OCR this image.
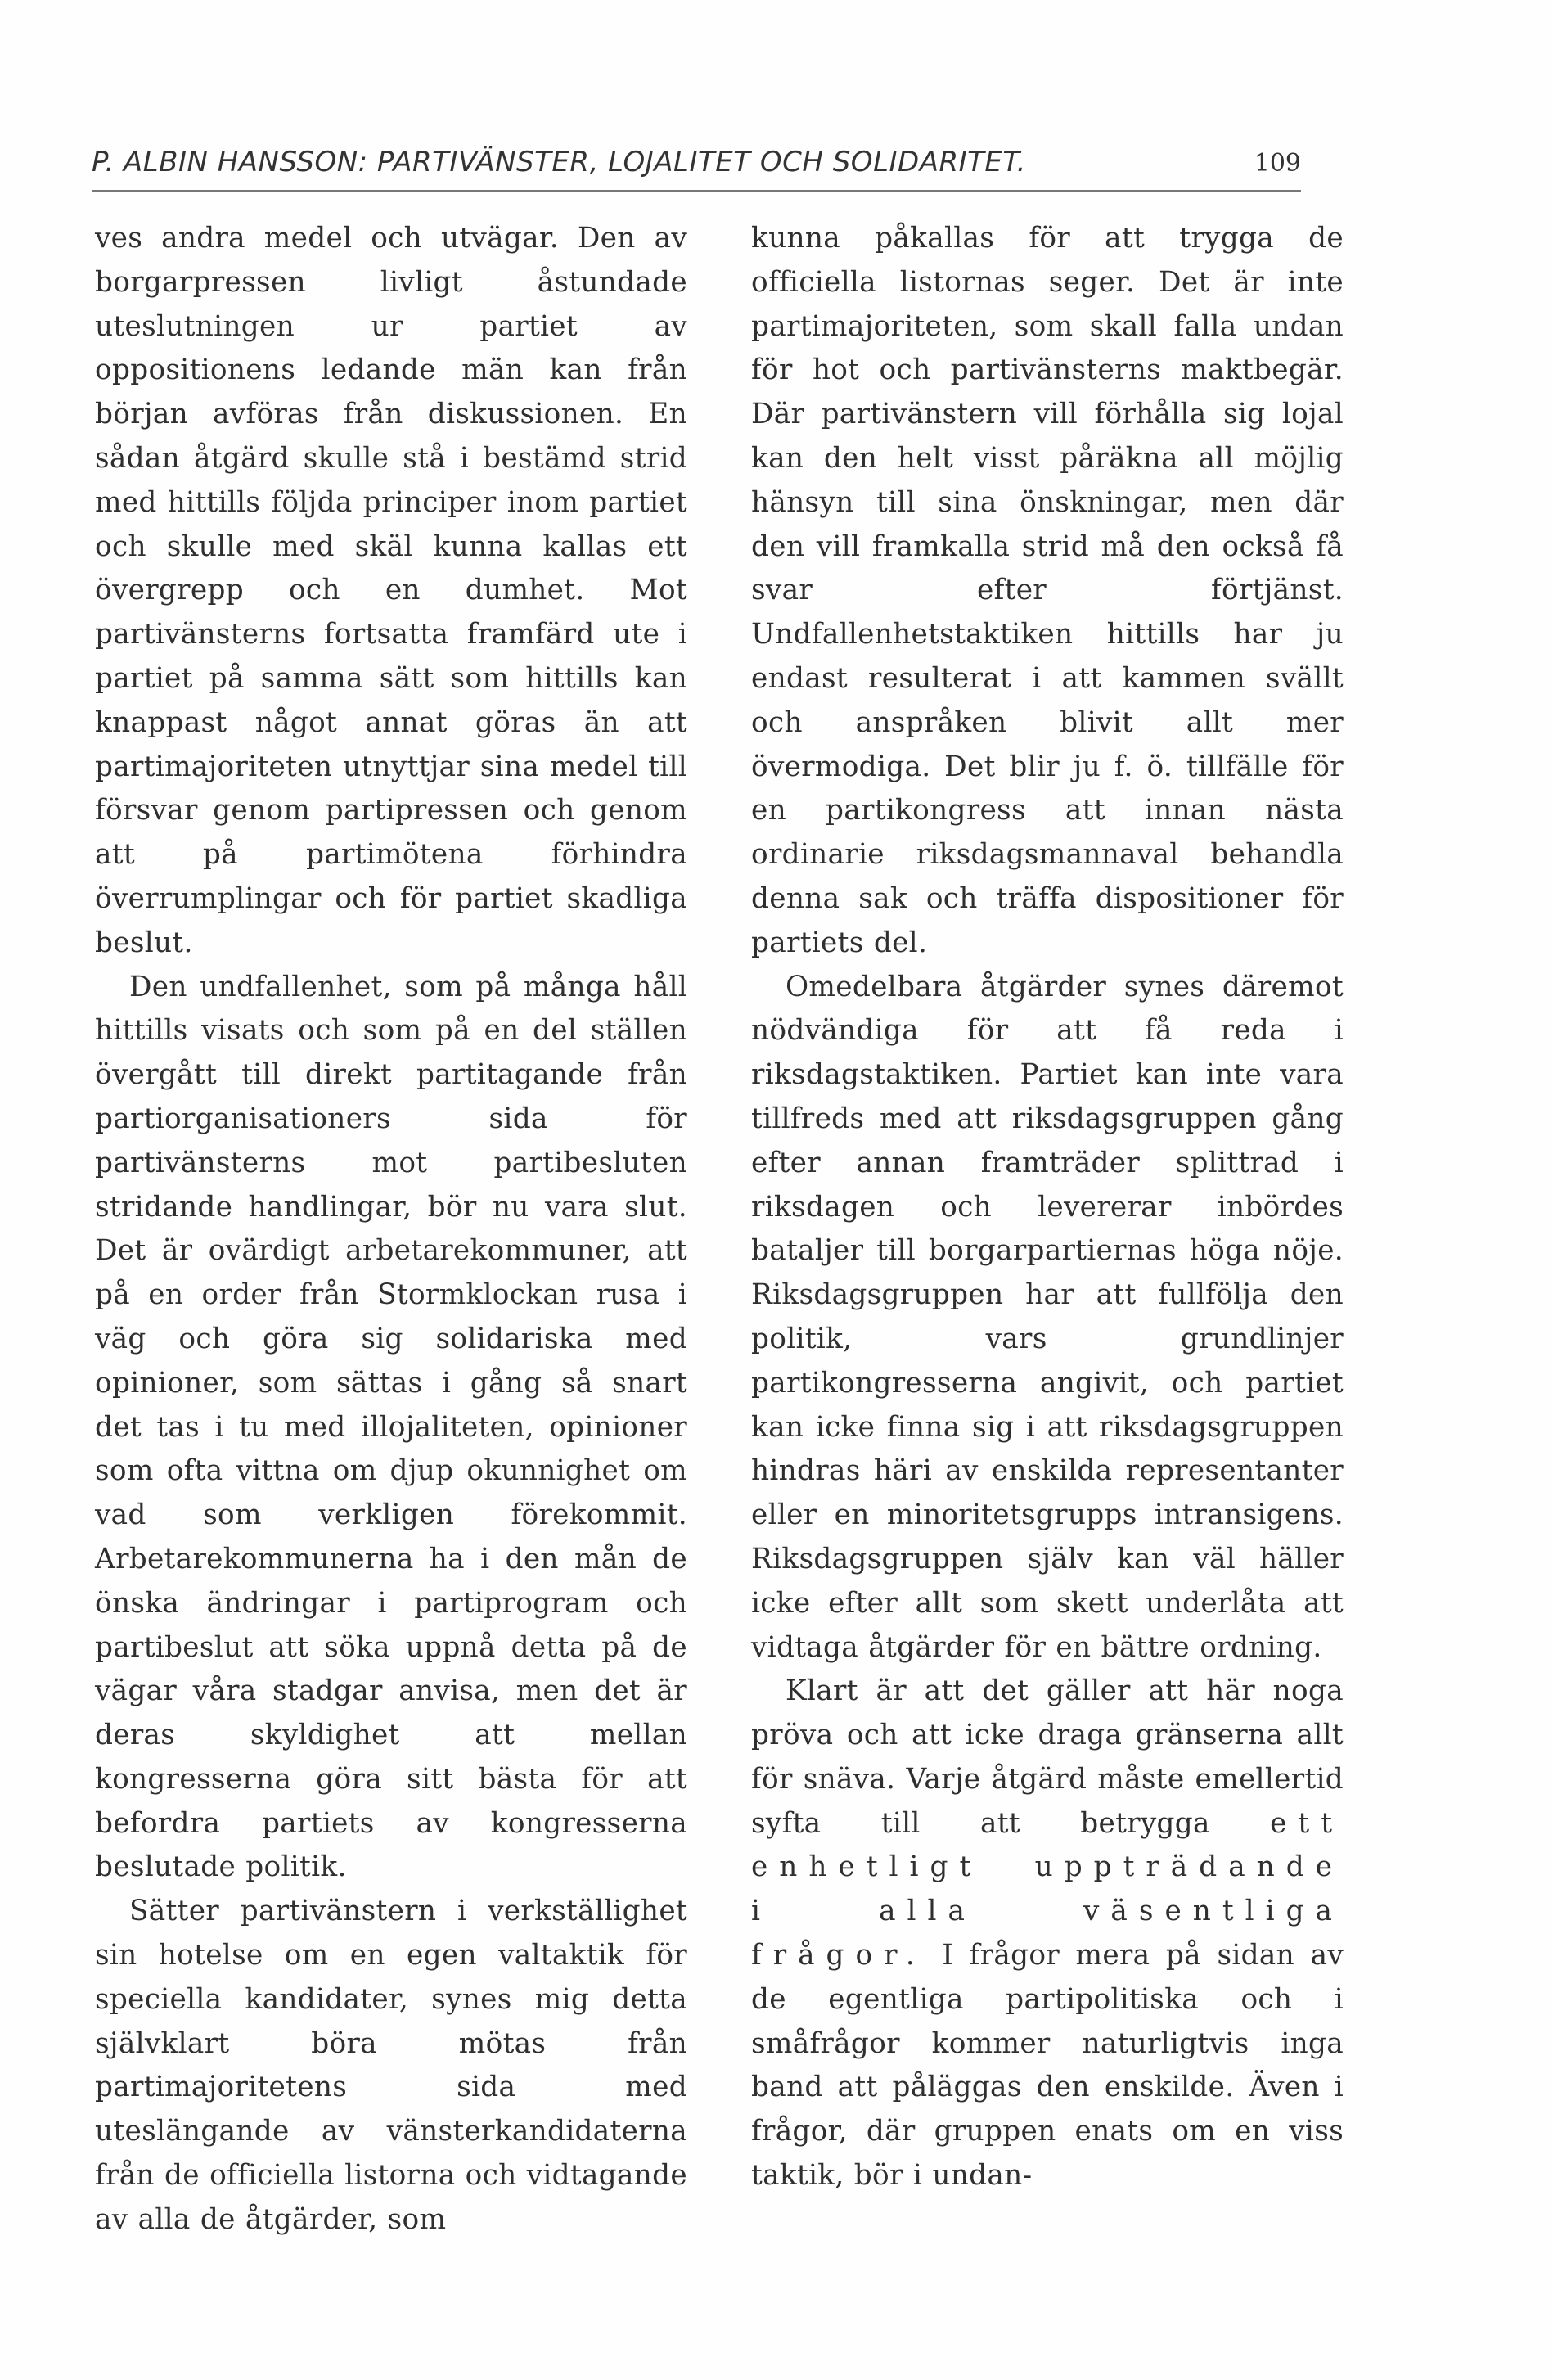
P. ALBIN HANSSON: PARTIVÄNSTER, LOJALITET OCH SOLIDARITET.	109

ves andra medel och utvägar. Den av borgarpressen livligt åstundade uteslutningen ur partiet av oppositionens ledande män kan från början avföras från diskussionen. En sådan åtgärd skulle stå i bestämd strid med hittills följda principer inom partiet och skulle med skäl kunna kallas ett övergrepp och en dumhet. Mot partivänsterns fortsatta framfärd ute i partiet på samma sätt som hittills kan knappast något annat göras än att partimajoriteten utnyttjar sina medel till försvar genom partipressen och genom att på partimötena förhindra överrumplingar och för partiet skadliga beslut.

Den undfallenhet, som på många håll hittills visats och som på en del ställen övergått till direkt partitagande från partiorganisationers sida för partivänsterns mot partibesluten stridande handlingar, bör nu vara slut. Det är ovärdigt arbetarekommuner, att på en order från Stormklockan rusa i väg och göra sig solidariska med opinioner, som sättas i gång så snart det tas i tu med illojaliteten, opinioner som ofta vittna om djup okunnighet om vad som verkligen förekommit. Arbetarekommunerna ha i den mån de önska ändringar i partiprogram och partibeslut att söka uppnå detta på de vägar våra stadgar anvisa, men det är deras skyldighet att mellan kongresserna göra sitt bästa för att befordra partiets av kongresserna beslutade politik.

Sätter partivänstern i verkställighet sin hotelse om en egen valtaktik för speciella kandidater, synes mig detta självklart böra mötas från partimajoritetens sida med uteslängande av vänsterkandidaterna från de officiella listorna och vidtagande av alla de åtgärder, som

kunna påkallas för att trygga de officiella listornas seger. Det är inte partimajoriteten, som skall falla undan för hot och partivänsterns maktbegär. Där partivänstern vill förhålla sig lojal kan den helt visst påräkna all möjlig hänsyn till sina önskningar, men där den vill framkalla strid må den också få svar efter förtjänst. Undfallenhetstaktiken hittills har ju endast resulterat i att kammen svällt och anspråken blivit allt mer övermodiga. Det blir ju f. ö. tillfälle för en partikongress att innan nästa ordinarie riksdagsmannaval behandla denna sak och träffa dispositioner för partiets del.

Omedelbara åtgärder synes däremot nödvändiga för att få reda i riksdagstaktiken. Partiet kan inte vara tillfreds med att riksdagsgruppen gång efter annan framträder splittrad i riksdagen och levererar inbördes bataljer till borgarpartiernas höga nöje. Riksdagsgruppen har att fullfölja den politik, vars grundlinjer partikongresserna angivit, och partiet kan icke finna sig i att riksdagsgruppen hindras häri av enskilda representanter eller en minoritetsgrupps intransigens. Riksdagsgruppen själv kan väl häller icke efter allt som skett underlåta att vidtaga åtgärder för en bättre ordning.

Klart är att det gäller att här noga pröva och att icke draga gränserna allt för snäva. Varje åtgärd måste emellertid syfta till att betrygga ett enhetligt uppträdande i alla väsentliga frågor. I frågor mera på sidan av de egentliga partipolitiska och i småfrågor kommer naturligtvis inga band att påläggas den enskilde. Även i frågor, där gruppen enats om en viss taktik, bör i undan-
